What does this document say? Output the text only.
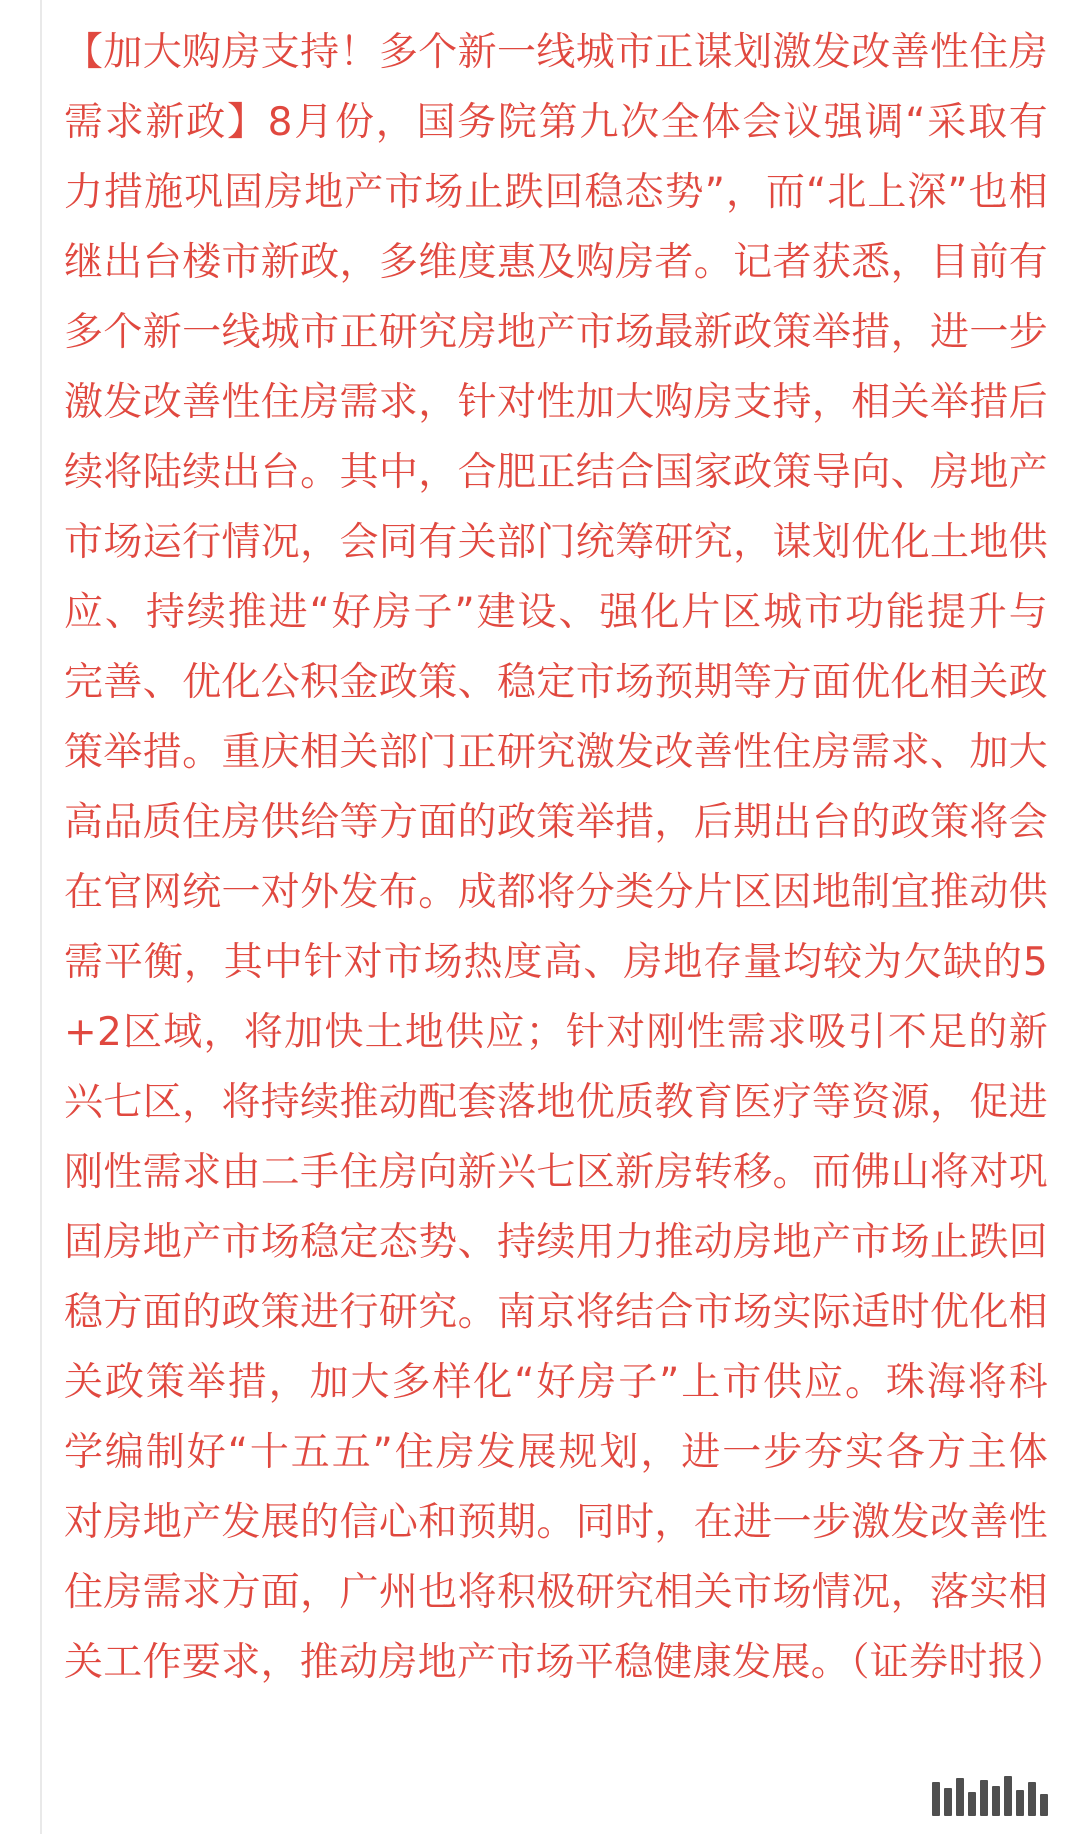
【加大购房支持！多个新一线城市正谋划激发改善性住房需求新政】8月份，国务院第九次全体会议强调“采取有力措施巩固房地产市场止跌回稳态势”，而“北上深”也相继出台楼市新政，多维度惠及购房者。记者获悉，目前有多个新一线城市正研究房地产市场最新政策举措，进一步激发改善性住房需求，针对性加大购房支持，相关举措后续将陆续出台。其中，合肥正结合国家政策导向、房地产市场运行情况，会同有关部门统筹研究，谋划优化土地供应、持续推进“好房子”建设、强化片区城市功能提升与完善、优化公积金政策、稳定市场预期等方面优化相关政策举措。重庆相关部门正研究激发改善性住房需求、加大高品质住房供给等方面的政策举措，后期出台的政策将会在官网统一对外发布。成都将分类分片区因地制宜推动供需平衡，其中针对市场热度高、房地存量均较为欠缺的5+2区域，将加快土地供应；针对刚性需求吸引不足的新兴七区，将持续推动配套落地优质教育医疗等资源，促进刚性需求由二手住房向新兴七区新房转移。而佛山将对巩固房地产市场稳定态势、持续用力推动房地产市场止跌回稳方面的政策进行研究。南京将结合市场实际适时优化相关政策举措，加大多样化“好房子”上市供应。珠海将科学编制好“十五五”住房发展规划，进一步夯实各方主体对房地产发展的信心和预期。同时，在进一步激发改善性住房需求方面，广州也将积极研究相关市场情况，落实相关工作要求，推动房地产市场平稳健康发展。（证券时报）
